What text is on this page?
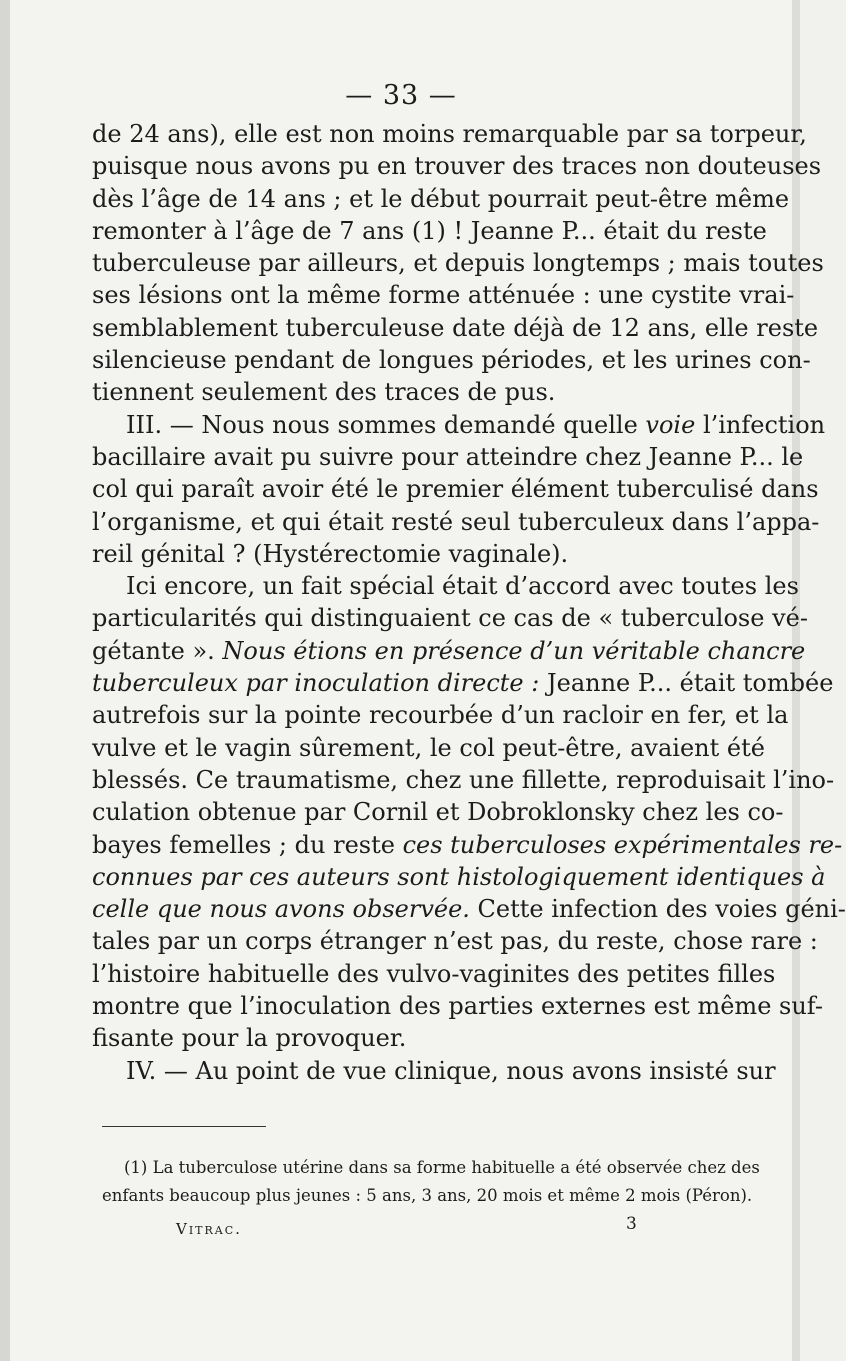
— 33 —
de 24 ans), elle est non moins remarquable par sa torpeur,
puisque nous avons pu en trouver des traces non douteuses
dès l’âge de 14 ans ; et le début pourrait peut-être même
remonter à l’âge de 7 ans (1) ! Jeanne P... était du reste
tuberculeuse par ailleurs, et depuis longtemps ; mais toutes
ses lésions ont la même forme atténuée : une cystite vrai-
semblablement tuberculeuse date déjà de 12 ans, elle reste
silencieuse pendant de longues périodes, et les urines con-
tiennent seulement des traces de pus.
III. — Nous nous sommes demandé quelle voie l’infection
bacillaire avait pu suivre pour atteindre chez Jeanne P... le
col qui paraît avoir été le premier élément tuberculisé dans
l’organisme, et qui était resté seul tuberculeux dans l’appa-
reil génital ? (Hystérectomie vaginale).
Ici encore, un fait spécial était d’accord avec toutes les
particularités qui distinguaient ce cas de « tuberculose vé-
gétante ». Nous étions en présence d’un véritable chancre
tuberculeux par inoculation directe : Jeanne P... était tombée
autrefois sur la pointe recourbée d’un racloir en fer, et la
vulve et le vagin sûrement, le col peut-être, avaient été
blessés. Ce traumatisme, chez une fillette, reproduisait l’ino-
culation obtenue par Cornil et Dobroklonsky chez les co-
bayes femelles ; du reste ces tuberculoses expérimentales re-
connues par ces auteurs sont histologiquement identiques à
celle que nous avons observée. Cette infection des voies géni-
tales par un corps étranger n’est pas, du reste, chose rare :
l’histoire habituelle des vulvo-vaginites des petites filles
montre que l’inoculation des parties externes est même suf-
fisante pour la provoquer.
IV. — Au point de vue clinique, nous avons insisté sur
(1) La tuberculose utérine dans sa forme habituelle a été observée chez des
enfants beaucoup plus jeunes : 5 ans, 3 ans, 20 mois et même 2 mois (Péron).
Vitrac.	3
